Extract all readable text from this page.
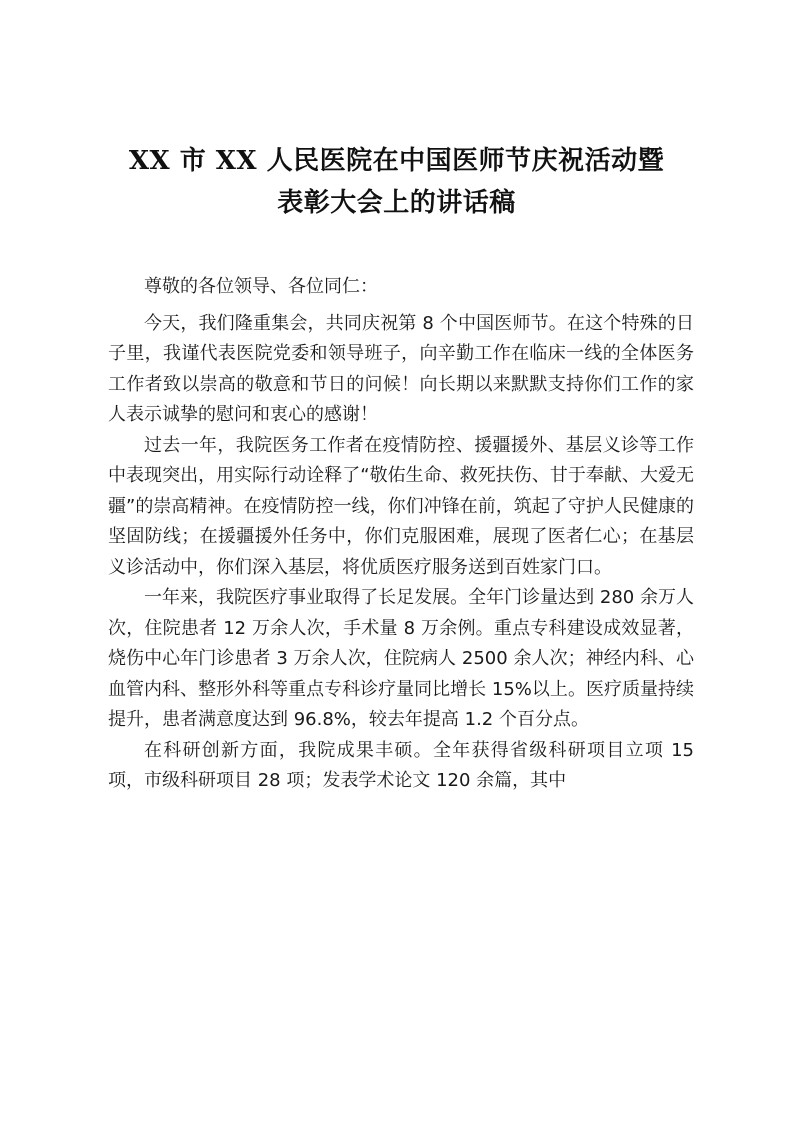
XX 市 XX 人民医院在中国医师节庆祝活动暨
表彰大会上的讲话稿

尊敬的各位领导、各位同仁：

今天，我们隆重集会，共同庆祝第 8 个中国医师节。在这个特殊的日子里，我谨代表医院党委和领导班子，向辛勤工作在临床一线的全体医务工作者致以崇高的敬意和节日的问候！向长期以来默默支持你们工作的家人表示诚挚的慰问和衷心的感谢！

过去一年，我院医务工作者在疫情防控、援疆援外、基层义诊等工作中表现突出，用实际行动诠释了“敬佑生命、救死扶伤、甘于奉献、大爱无疆”的崇高精神。在疫情防控一线，你们冲锋在前，筑起了守护人民健康的坚固防线；在援疆援外任务中，你们克服困难，展现了医者仁心；在基层义诊活动中，你们深入基层，将优质医疗服务送到百姓家门口。

一年来，我院医疗事业取得了长足发展。全年门诊量达到 280 余万人次，住院患者 12 万余人次，手术量 8 万余例。重点专科建设成效显著，烧伤中心年门诊患者 3 万余人次，住院病人 2500 余人次；神经内科、心血管内科、整形外科等重点专科诊疗量同比增长 15%以上。医疗质量持续提升，患者满意度达到 96.8%，较去年提高 1.2 个百分点。

在科研创新方面，我院成果丰硕。全年获得省级科研项目立项 15 项，市级科研项目 28 项；发表学术论文 120 余篇，其中
